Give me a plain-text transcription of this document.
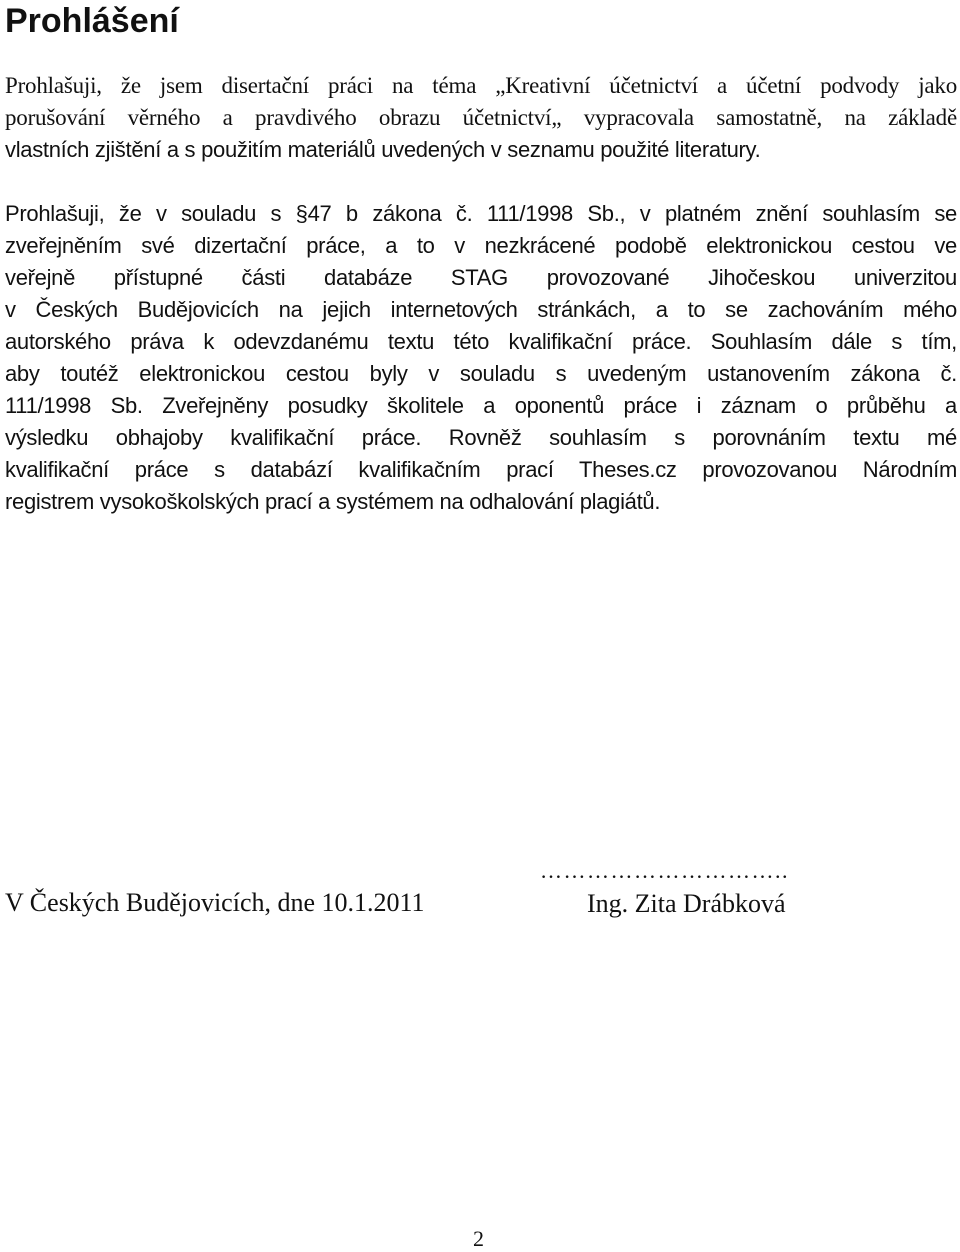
Prohlášení
Prohlašuji, že jsem disertační práci na téma „Kreativní účetnictví a účetní podvody jako
porušování věrného a pravdivého obrazu účetnictví„ vypracovala samostatně, na základě
vlastních zjištění a s použitím materiálů uvedených v seznamu použité literatury.
Prohlašuji, že v souladu s §47 b zákona č. 111/1998 Sb., v platném znění souhlasím se
zveřejněním své dizertační práce, a to v nezkrácené podobě elektronickou cestou ve
veřejně přístupné části databáze STAG provozované Jihočeskou univerzitou
v Českých Budějovicích na jejich internetových stránkách, a to se zachováním mého
autorského práva k odevzdanému textu této kvalifikační práce. Souhlasím dále s tím,
aby toutéž elektronickou cestou byly v souladu s uvedeným ustanovením zákona č.
111/1998 Sb. Zveřejněny posudky školitele a oponentů práce i záznam o průběhu a
výsledku obhajoby kvalifikační práce. Rovněž souhlasím s porovnáním textu mé
kvalifikační práce s databází kvalifikačním prací Theses.cz provozovanou Národním
registrem vysokoškolských prací a systémem na odhalování plagiátů.

V Českých Budějovicích, dne 10.1.2011

…………………………..
Ing. Zita Drábková

2
